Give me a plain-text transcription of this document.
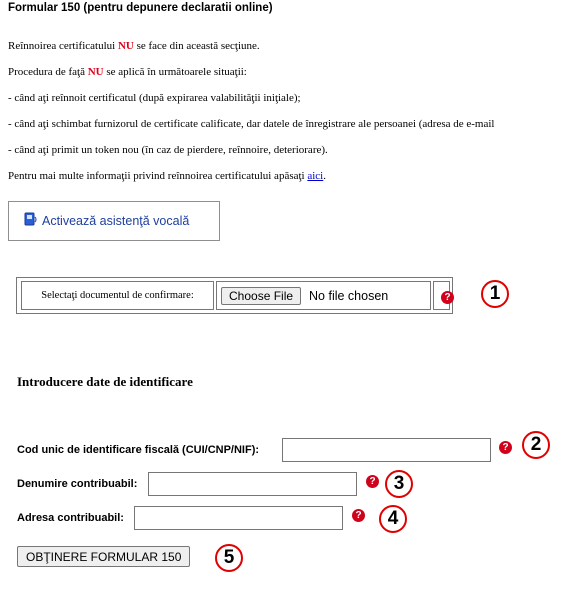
Formular 150 (pentru depunere declaratii online)
Reînnoirea certificatului NU se face din această secţiune.
Procedura de faţă NU se aplică în următoarele situaţii:
- când aţi reînnoit certificatul (după expirarea valabilităţii iniţiale);
- când aţi schimbat furnizorul de certificate calificate, dar datele de înregistrare ale persoanei (adresa de e-mail
- când aţi primit un token nou (în caz de pierdere, reînnoire, deteriorare).
Pentru mai multe informaţii privind reînnoirea certificatului apăsaţi aici.
Activează asistenţă vocală
Selectaţi documentul de confirmare:	Choose File	No file chosen	?	1
Introducere date de identificare
Cod unic de identificare fiscală (CUI/CNP/NIF):	?	2
Denumire contribuabil:	? 3
Adresa contribuabil:	?	4
OBŢINERE FORMULAR 150	5
